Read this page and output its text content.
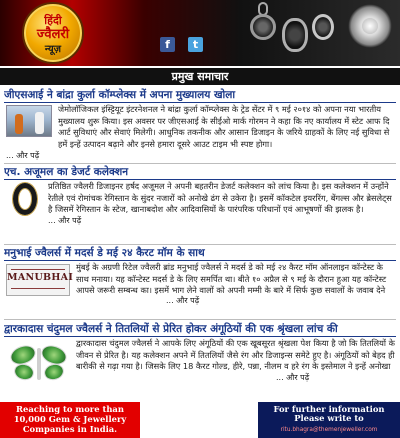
हिंदी
ज्वैलरी
न्यूज़	f	t
प्रमुख समाचार
जीएसआई ने बांद्रा कुर्ला कॉम्प्लेक्स में अपना मुख्यालय खोला
जेमोलॉजिकल इंस्ट्टियूट इंटरनेशनल ने बांद्रा कुर्ला कॉम्प्लेक्स के ट्रेड सेंटर में ९ मई २०१४ को अपना नया भारतीय मुख्यालय शुरू किया। इस अवसर पर जीएसआई के सीईओ मार्क गोरमन ने कहा कि नए कार्यालय में स्टेट आफ दि आर्ट सुविधाएं और सेवाएं मिलेगी। आधुनिक तकनीक और आसान डिजाइन के जरिये ग्राहकों के लिए नई सुविधा से हमें इन्हें उत्पादन बढ़ाने और इनसे हमारा दूसरे आउट टाइम भी स्पष्ट होगा।
... और पढ़ें
एच. अजूमल का डेजर्ट कलेक्शन
प्रतिष्ठित ज्वैलरी डिजाइनर हर्षद अजूमल ने अपनी बहतरीन डेजर्ट कलेक्शन को लांच किया है। इस कलेक्शन में उन्होंने रेतीले एवं रोमांचक रेगिस्तान के सुंदर नजारों को अनोखे ढंग से उकेरा है। इसमें कॉकटेल इयररिंग, बेंगल्स और ब्रेसलेट्स है जिसमें रेगिस्तान के स्टेज, खानाबदोश और आदिवासियों के पारंपरिक परिधानों एवं आभूषणों की झलक है।
... और पढ़ें
मनुभाई ज्वैलर्स में मदर्स डे मई २४ कैरट मॉम के साथ
MANUBHAI
मुंबई के अग्रणी रिटेल ज्वैलरी ब्रांड मनुभाई ज्वैलर्स ने मदर्स डे को मई २४ कैरट मॉम ऑनलाइन कॉन्टेस्ट के साथ मनाया। यह कॉन्टेस्ट मदर्स डे के लिए समर्पित था। बीते १० अप्रैल से ९ मई के दौरान हुआ यह कॉन्टेस्ट आपसे जरूरी सम्बन्ध का। इसमें भाग लेने वालों को अपनी मम्मी के बारे में सिर्फ कुछ सवालों के जवाब देने
... और पढ़ें
द्वारकादास चंदुमल ज्वैलर्स ने तितलियों से प्रेरित होकर अंगूठियों की एक श्रृंखला लांच की
द्वारकादास चंदुमल ज्वैलर्स ने आपके लिए अंगूठियों की एक खूबसूरत श्रृंखला पेश किया है जो कि तितलियों के जीवन से प्रेरित है। यह कलेक्शन अपने में तितलियों जैसे रंग और डिजाइन्स समेटे हुए है। अंगूठियों को बेहद ही बारीकी से गढ़ा गया है। जिसके लिए 18 कैरट गोल्ड, हीरे, पन्ना, नीलम व हरे रंग के इस्तेमाल ने इन्हें अनोखा
... और पढ़ें
Reaching to more than
10,000 Gem & Jewellery
Companies in India.
For further information
Please write to
ritu.bhagra@themenjeweller.com
